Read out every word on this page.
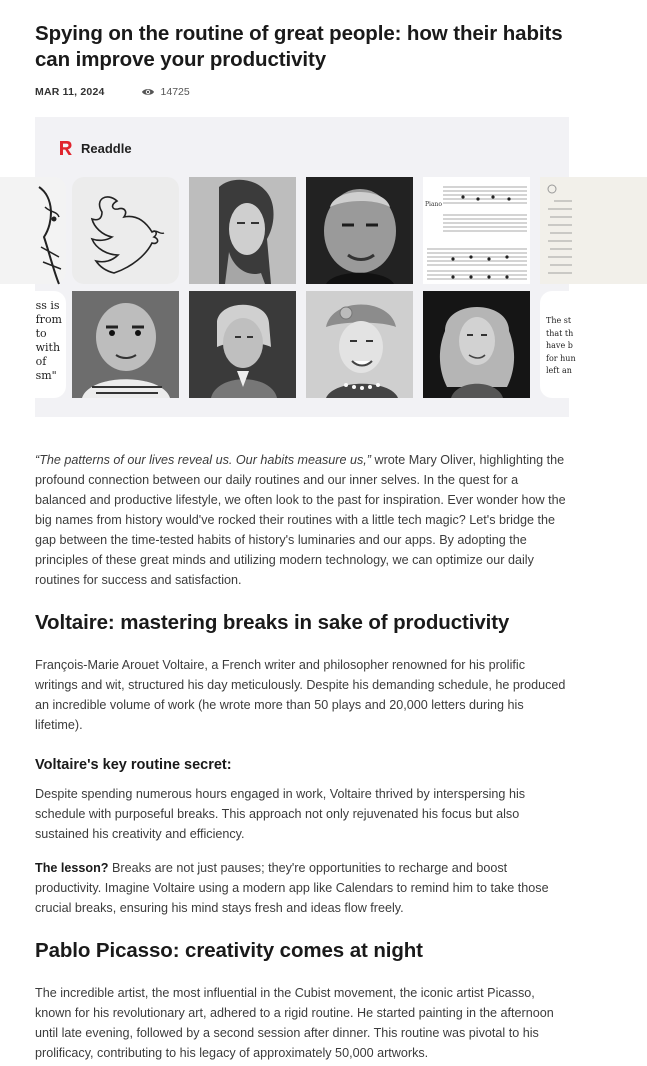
Spying on the routine of great people: how their habits can improve your productivity
MAR 11, 2024	14725
Readdle
Piano
ss is
from
to
with
of
sm"
The st
that th
have b
for hun
left an

“The patterns of our lives reveal us. Our habits measure us,” wrote Mary Oliver, highlighting the profound connection between our daily routines and our inner selves. In the quest for a balanced and productive lifestyle, we often look to the past for inspiration. Ever wonder how the big names from history would've rocked their routines with a little tech magic? Let's bridge the gap between the time-tested habits of history's luminaries and our apps. By adopting the principles of these great minds and utilizing modern technology, we can optimize our daily routines for success and satisfaction.

Voltaire: mastering breaks in sake of productivity

François-Marie Arouet Voltaire, a French writer and philosopher renowned for his prolific writings and wit, structured his day meticulously. Despite his demanding schedule, he produced an incredible volume of work (he wrote more than 50 plays and 20,000 letters during his lifetime).

Voltaire's key routine secret:

Despite spending numerous hours engaged in work, Voltaire thrived by interspersing his schedule with purposeful breaks. This approach not only rejuvenated his focus but also sustained his creativity and efficiency.

The lesson? Breaks are not just pauses; they're opportunities to recharge and boost productivity. Imagine Voltaire using a modern app like Calendars to remind him to take those crucial breaks, ensuring his mind stays fresh and ideas flow freely.

Pablo Picasso: creativity comes at night

The incredible artist, the most influential in the Cubist movement, the iconic artist Picasso, known for his revolutionary art, adhered to a rigid routine. He started painting in the afternoon until late evening, followed by a second session after dinner. This routine was pivotal to his prolificacy, contributing to his legacy of approximately 50,000 artworks.
